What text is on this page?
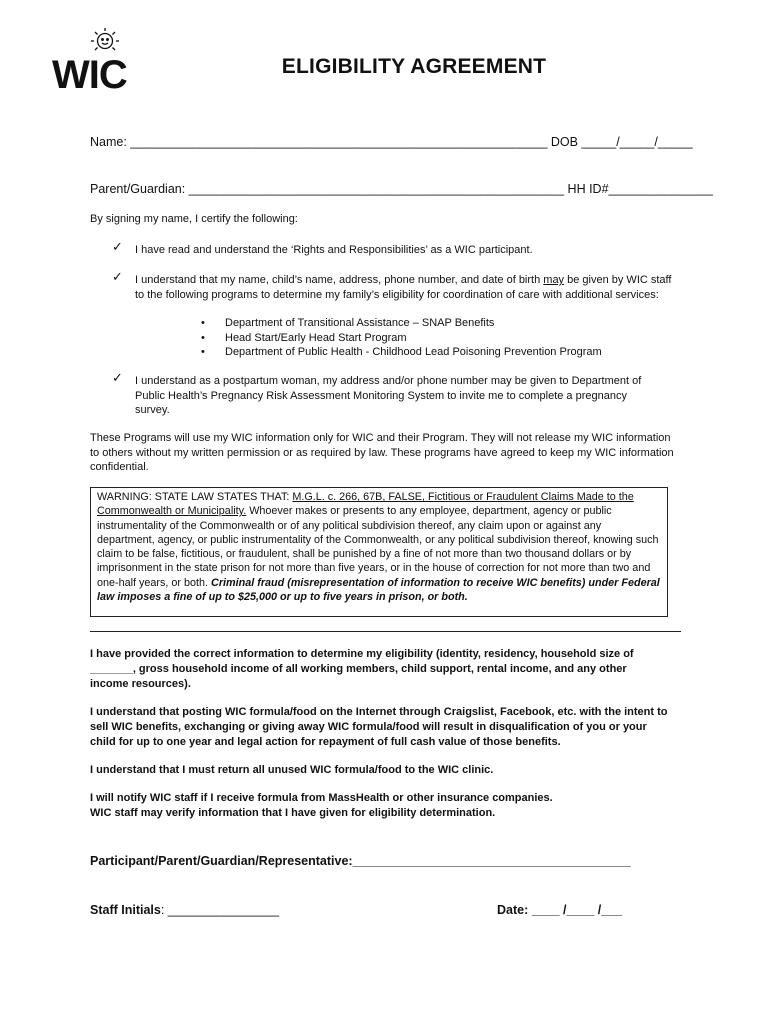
WIC	ELIGIBILITY AGREEMENT
Name: ____________________________________________________________ DOB _____/_____/_____
Parent/Guardian: ______________________________________________________ HH ID#_______________
By signing my name, I certify the following:
✓ I have read and understand the ‘Rights and Responsibilities’ as a WIC participant.
✓ I understand that my name, child’s name, address, phone number, and date of birth may be given by WIC staff to the following programs to determine my family’s eligibility for coordination of care with additional services:
• Department of Transitional Assistance – SNAP Benefits
• Head Start/Early Head Start Program
• Department of Public Health - Childhood Lead Poisoning Prevention Program
✓ I understand as a postpartum woman, my address and/or phone number may be given to Department of Public Health’s Pregnancy Risk Assessment Monitoring System to invite me to complete a pregnancy survey.
These Programs will use my WIC information only for WIC and their Program. They will not release my WIC information to others without my written permission or as required by law. These programs have agreed to keep my WIC information confidential.
WARNING: STATE LAW STATES THAT: M.G.L. c. 266, 67B, FALSE, Fictitious or Fraudulent Claims Made to the Commonwealth or Municipality. Whoever makes or presents to any employee, department, agency or public instrumentality of the Commonwealth or of any political subdivision thereof, any claim upon or against any department, agency, or public instrumentality of the Commonwealth, or any political subdivision thereof, knowing such claim to be false, fictitious, or fraudulent, shall be punished by a fine of not more than two thousand dollars or by imprisonment in the state prison for not more than five years, or in the house of correction for not more than two and one-half years, or both. Criminal fraud (misrepresentation of information to receive WIC benefits) under Federal law imposes a fine of up to $25,000 or up to five years in prison, or both.
I have provided the correct information to determine my eligibility (identity, residency, household size of _______, gross household income of all working members, child support, rental income, and any other income resources).
I understand that posting WIC formula/food on the Internet through Craigslist, Facebook, etc. with the intent to sell WIC benefits, exchanging or giving away WIC formula/food will result in disqualification of you or your child for up to one year and legal action for repayment of full cash value of those benefits.
I understand that I must return all unused WIC formula/food to the WIC clinic.
I will notify WIC staff if I receive formula from MassHealth or other insurance companies.
WIC staff may verify information that I have given for eligibility determination.
Participant/Parent/Guardian/Representative:________________________________________
Staff Initials: ________________	Date: ____ /____ /___
